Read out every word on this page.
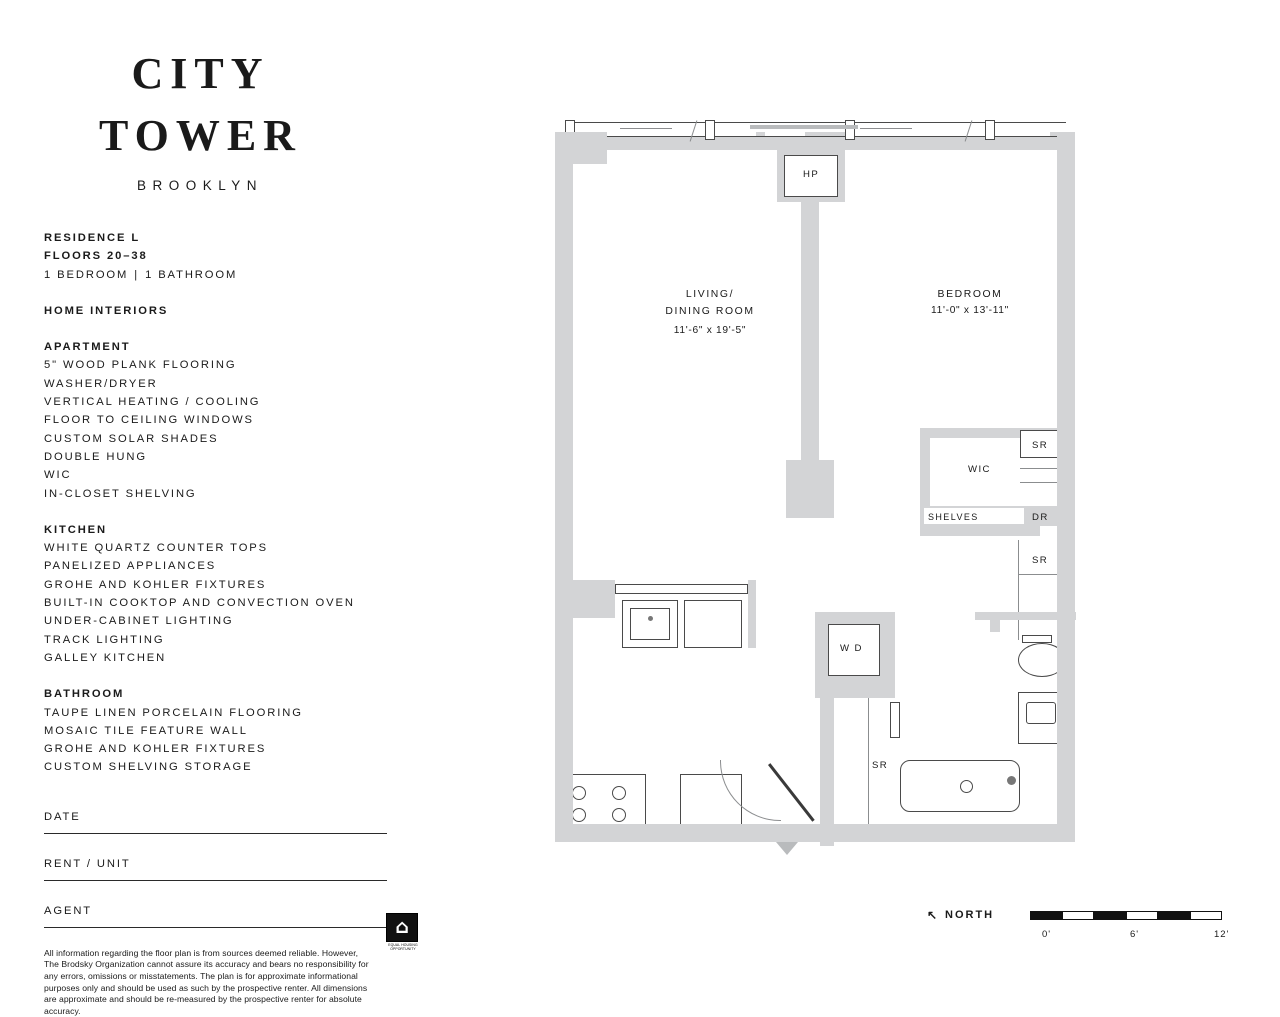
CITY
TOWER
BROOKLYN
RESIDENCE L
FLOORS 20–38
1 BEDROOM | 1 BATHROOM
HOME INTERIORS
APARTMENT
5" WOOD PLANK FLOORING
WASHER/DRYER
VERTICAL HEATING / COOLING
FLOOR TO CEILING WINDOWS
CUSTOM SOLAR SHADES
DOUBLE HUNG
WIC
IN-CLOSET SHELVING
KITCHEN
WHITE QUARTZ COUNTER TOPS
PANELIZED APPLIANCES
GROHE AND KOHLER FIXTURES
BUILT-IN COOKTOP AND CONVECTION OVEN
UNDER-CABINET LIGHTING
TRACK LIGHTING
GALLEY KITCHEN
BATHROOM
TAUPE LINEN PORCELAIN FLOORING
MOSAIC TILE FEATURE WALL
GROHE AND KOHLER FIXTURES
CUSTOM SHELVING STORAGE
DATE
RENT / UNIT
AGENT
All information regarding the floor plan is from sources deemed reliable. However, The Brodsky Organization cannot assure its accuracy and bears no responsibility for any errors, omissions or misstatements. The plan is for approximate informational purposes only and should be used as such by the prospective renter. All dimensions are approximate and should be re-measured by the prospective renter for absolute accuracy.
⌂
EQUAL HOUSING OPPORTUNITY
HP
LIVING/
DINING ROOM
11'-6" x 19'-5"
BEDROOM
11'-0" x 13'-11"
WIC
SR
SHELVES	DR
SR
W D
SR
↖ NORTH
0'	6'	12'
